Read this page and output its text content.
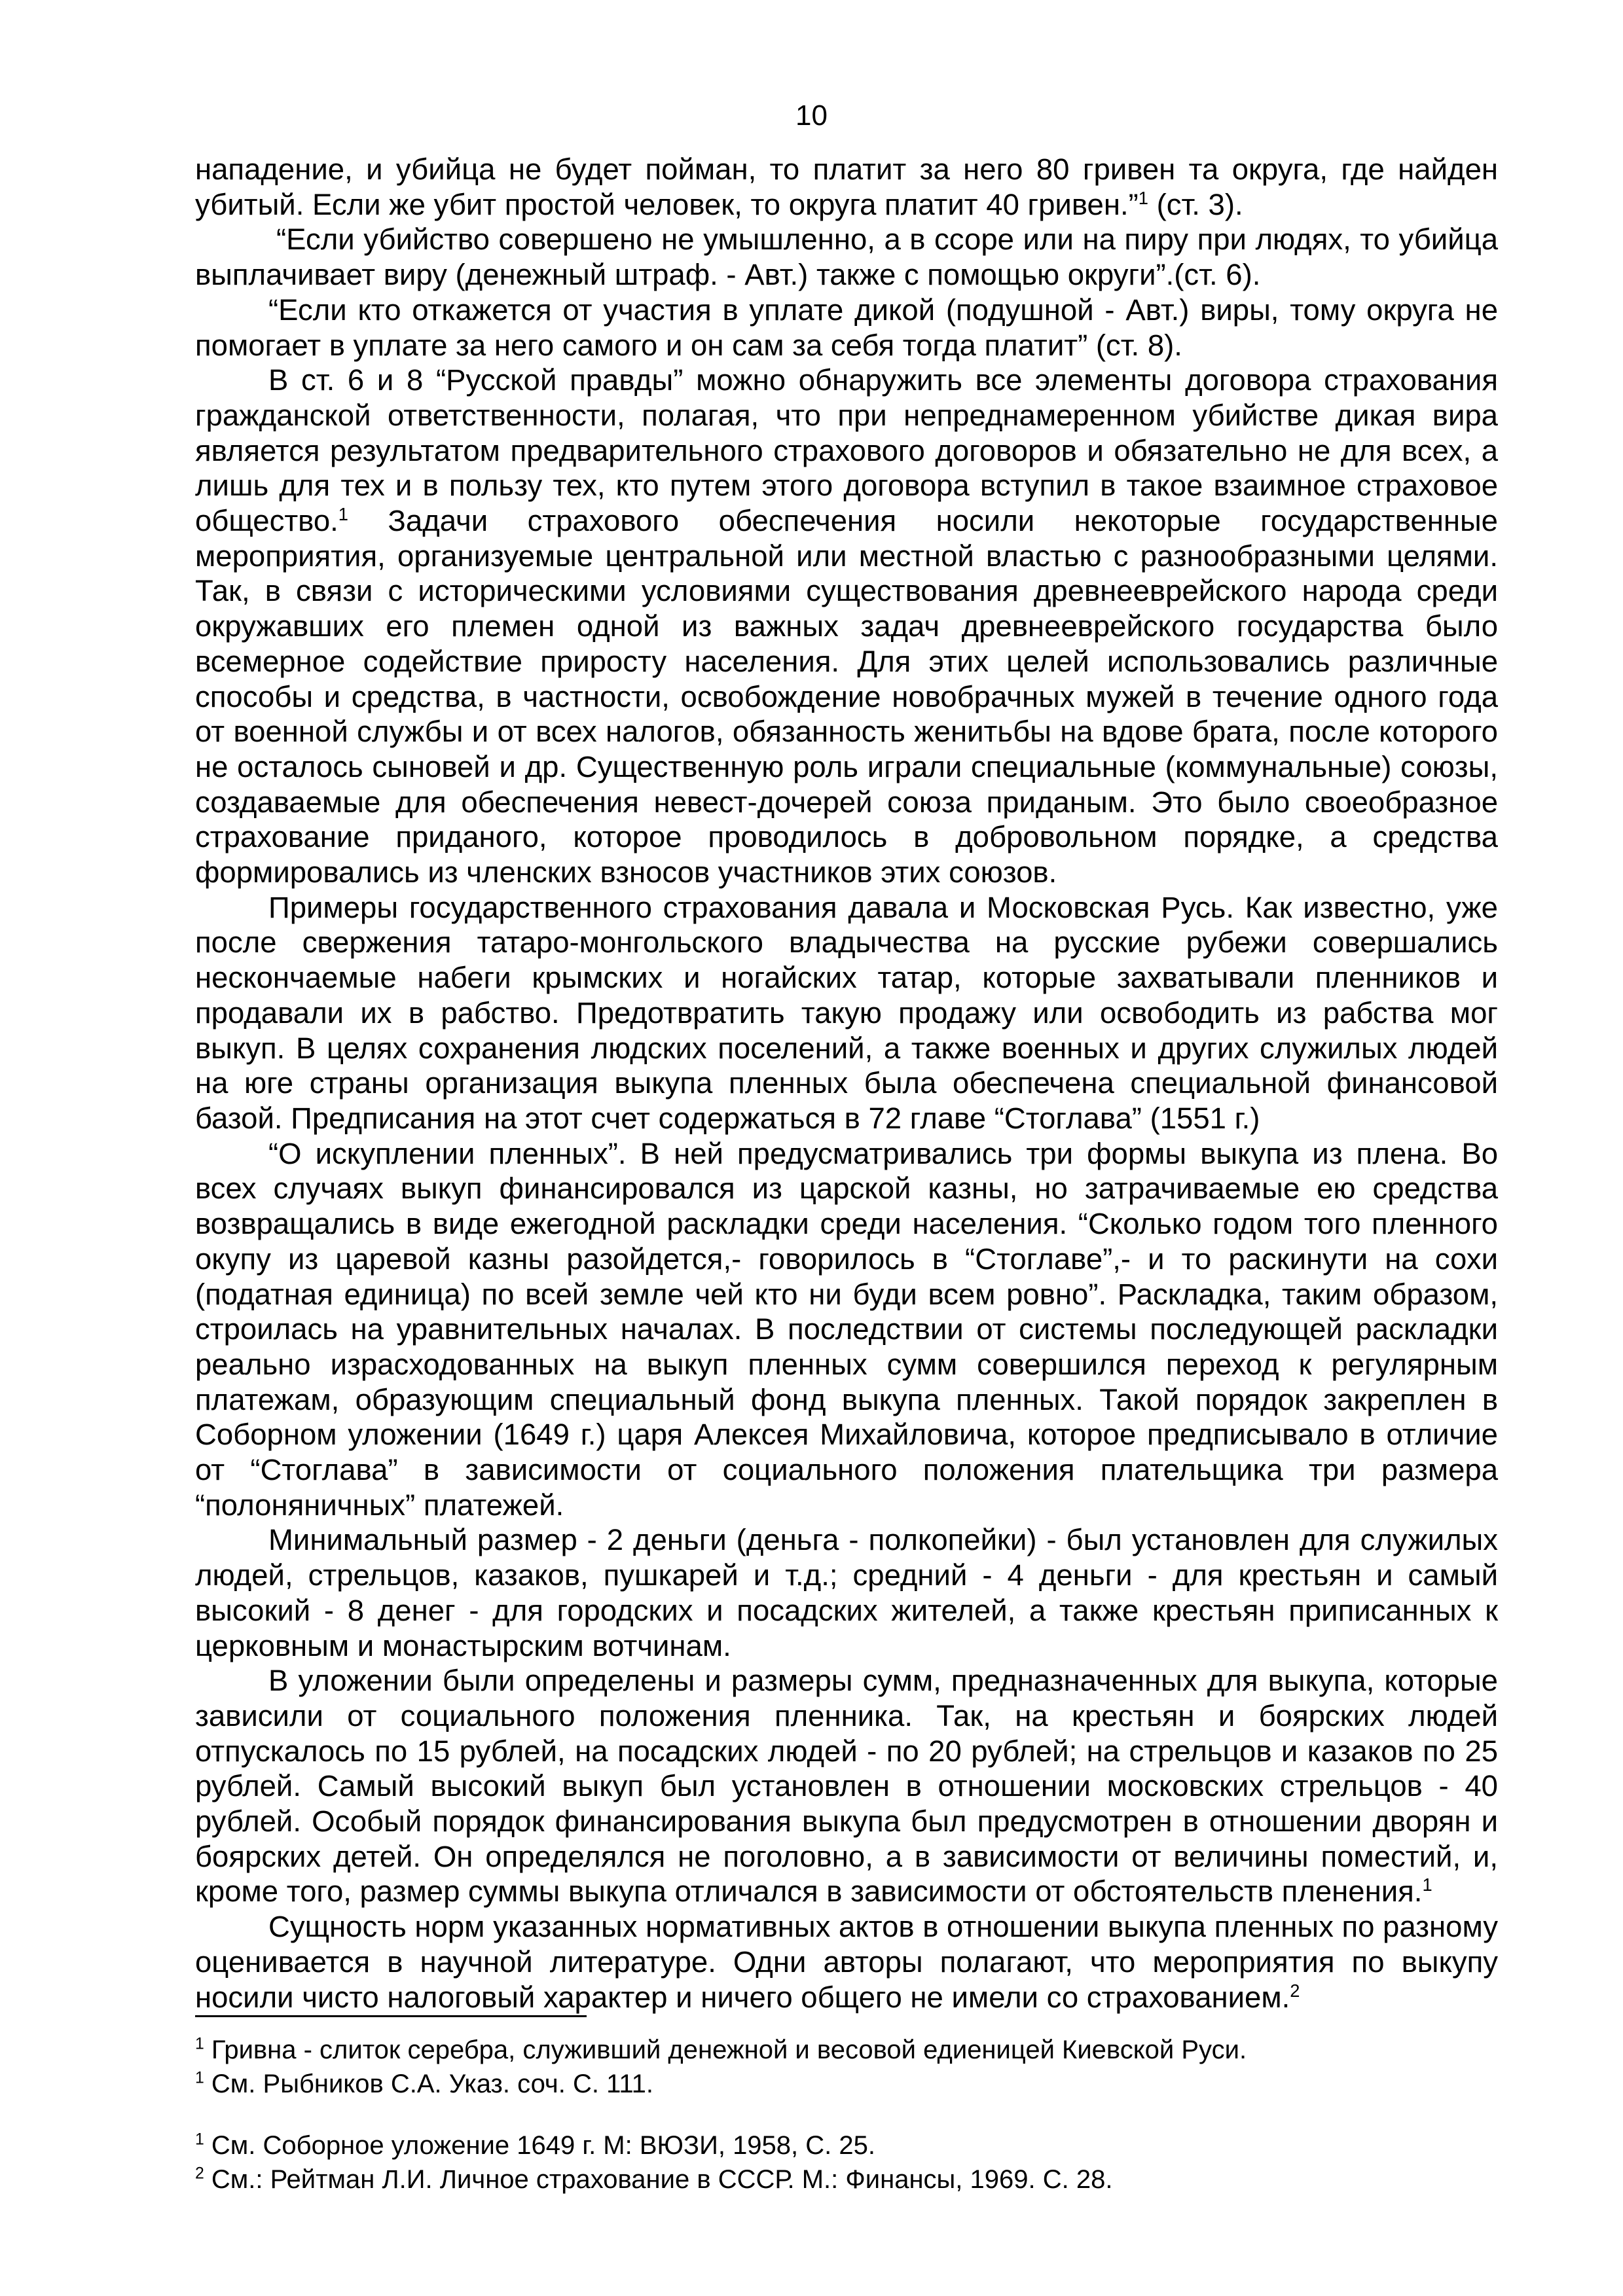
10

нападение, и убийца не будет пойман, то платит за него 80 гривен та округа, где найден убитый. Если же убит простой человек, то округа платит 40 гривен.”$^1$ (ст. 3).

“Если убийство совершено не умышленно, а в ссоре или на пиру при людях, то убийца выплачивает виру (денежный штраф. - Авт.) также с помощью округи”.(ст. 6).

“Если кто откажется от участия в уплате дикой (подушной - Авт.) виры, тому округа не помогает в уплате за него самого и он сам за себя тогда платит” (ст. 8).

В ст. 6 и 8 “Русской правды” можно обнаружить все элементы договора страхования гражданской ответственности, полагая, что при непреднамеренном убийстве дикая вира является результатом предварительного страхового договоров и обязательно не для всех, а лишь для тех и в пользу тех, кто путем этого договора вступил в такое взаимное страховое общество.$^1$ Задачи страхового обеспечения носили некоторые государственные мероприятия, организуемые центральной или местной властью с разнообразными целями. Так, в связи с историческими условиями существования древнееврейского народа среди окружавших его племен одной из важных задач древнееврейского государства было всемерное содействие приросту населения. Для этих целей использовались различные способы и средства, в частности, освобождение новобрачных мужей в течение одного года от военной службы и от всех налогов, обязанность женитьбы на вдове брата, после которого не осталось сыновей и др. Существенную роль играли специальные (коммунальные) союзы, создаваемые для обеспечения невест-дочерей союза приданым. Это было своеобразное страхование приданого, которое проводилось в добровольном порядке, а средства формировались из членских взносов участников этих союзов.

Примеры государственного страхования давала и Московская Русь. Как известно, уже после свержения татаро-монгольского владычества на русские рубежи совершались нескончаемые набеги крымских и ногайских татар, которые захватывали пленников и продавали их в рабство. Предотвратить такую продажу или освободить из рабства мог выкуп. В целях сохранения людских поселений, а также военных и других служилых людей на юге страны организация выкупа пленных была обеспечена специальной финансовой базой. Предписания на этот счет содержаться в 72 главе “Стоглава” (1551 г.)

“О искуплении пленных”. В ней предусматривались три формы выкупа из плена. Во всех случаях выкуп финансировался из царской казны, но затрачиваемые ею средства возвращались в виде ежегодной раскладки среди населения. “Сколько годом того пленного окупу из царевой казны разойдется,- говорилось в “Стоглаве”,- и то раскинути на сохи (податная единица) по всей земле чей кто ни буди всем ровно”. Раскладка, таким образом, строилась на уравнительных началах. В последствии от системы последующей раскладки реально израсходованных на выкуп пленных сумм совершился переход к регулярным платежам, образующим специальный фонд выкупа пленных. Такой порядок закреплен в Соборном уложении (1649 г.) царя Алексея Михайловича, которое предписывало в отличие от “Стоглава” в зависимости от социального положения плательщика три размера “полоняничных” платежей.

Минимальный размер - 2 деньги (деньга - полкопейки) - был установлен для служилых людей, стрельцов, казаков, пушкарей и т.д.; средний - 4 деньги - для крестьян и самый высокий - 8 денег - для городских и посадских жителей, а также крестьян приписанных к церковным и монастырским вотчинам.

В уложении были определены и размеры сумм, предназначенных для выкупа, которые зависили от социального положения пленника. Так, на крестьян и боярских людей отпускалось по 15 рублей, на посадских людей - по 20 рублей; на стрельцов и казаков по 25 рублей. Самый высокий выкуп был установлен в отношении московских стрельцов - 40 рублей. Особый порядок финансирования выкупа был предусмотрен в отношении дворян и боярских детей. Он определялся не поголовно, а в зависимости от величины поместий, и, кроме того, размер суммы выкупа отличался в зависимости от обстоятельств пленения.$^1$

Сущность норм указанных нормативных актов в отношении выкупа пленных по разному оценивается в научной литературе. Одни авторы полагают, что мероприятия по выкупу носили чисто налоговый характер и ничего общего не имели со страхованием.$^2$

$^1$ Гривна - слиток серебра, служивший денежной и весовой едиеницей Киевской Руси.

$^1$ См. Рыбников С.А. Указ. соч. С. 111.

$^1$ См. Соборное уложение 1649 г. М: ВЮЗИ, 1958, С. 25.

$^2$ См.: Рейтман Л.И. Личное страхование в СССР. М.: Финансы, 1969. С. 28.
